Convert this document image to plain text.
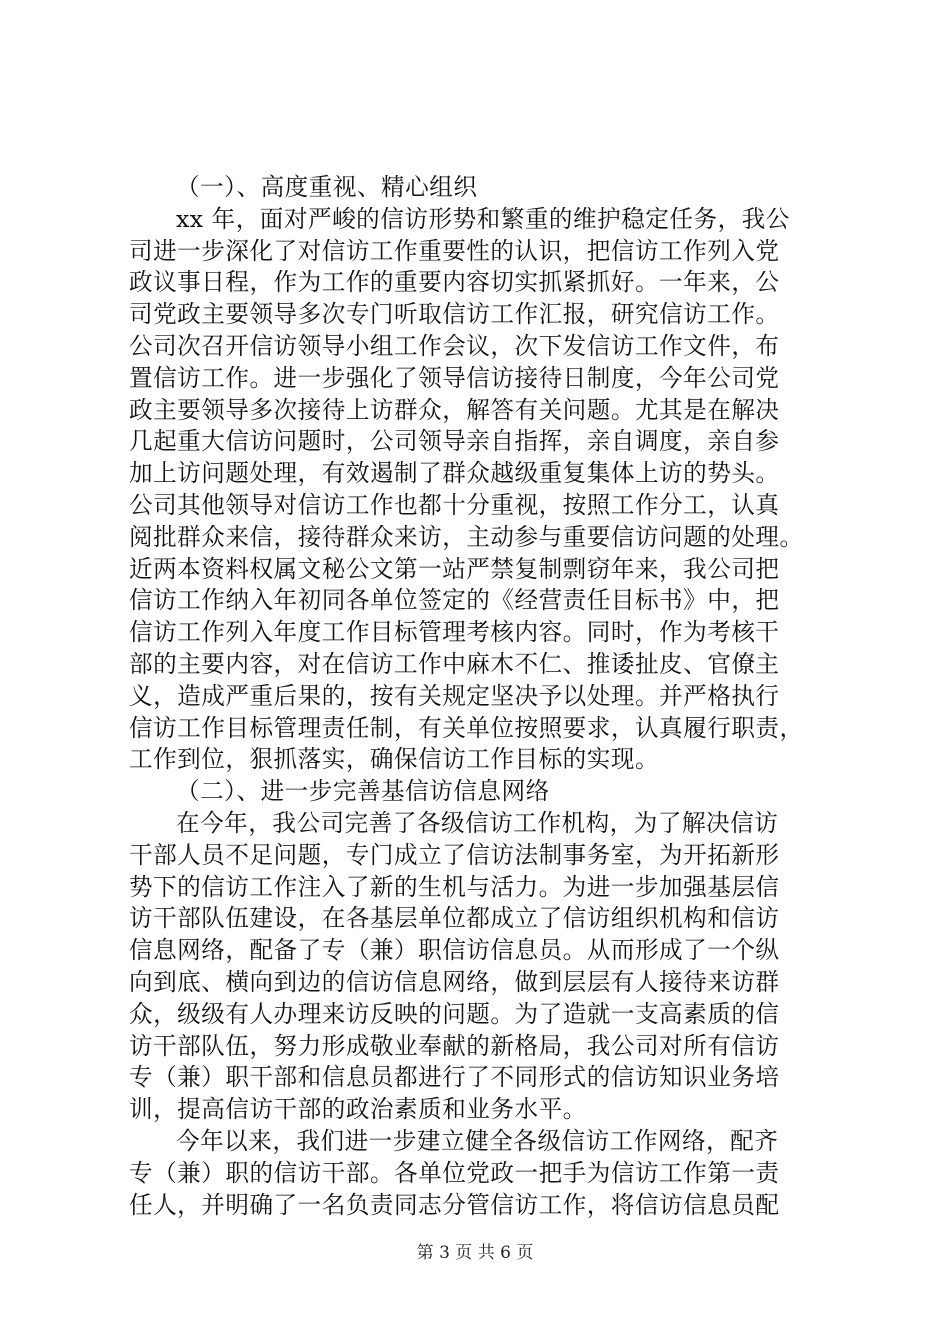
（一）、高度重视、精心组织
xx 年，面对严峻的信访形势和繁重的维护稳定任务，我公
司进一步深化了对信访工作重要性的认识，把信访工作列入党
政议事日程，作为工作的重要内容切实抓紧抓好。一年来，公
司党政主要领导多次专门听取信访工作汇报，研究信访工作。
公司次召开信访领导小组工作会议，次下发信访工作文件，布
置信访工作。进一步强化了领导信访接待日制度，今年公司党
政主要领导多次接待上访群众，解答有关问题。尤其是在解决
几起重大信访问题时，公司领导亲自指挥，亲自调度，亲自参
加上访问题处理，有效遏制了群众越级重复集体上访的势头。
公司其他领导对信访工作也都十分重视，按照工作分工，认真
阅批群众来信，接待群众来访，主动参与重要信访问题的处理。
近两本资料权属文秘公文第一站严禁复制剽窃年来，我公司把
信访工作纳入年初同各单位签定的《经营责任目标书》中，把
信访工作列入年度工作目标管理考核内容。同时，作为考核干
部的主要内容，对在信访工作中麻木不仁、推诿扯皮、官僚主
义，造成严重后果的，按有关规定坚决予以处理。并严格执行
信访工作目标管理责任制，有关单位按照要求，认真履行职责，
工作到位，狠抓落实，确保信访工作目标的实现。
（二）、进一步完善基信访信息网络
在今年，我公司完善了各级信访工作机构，为了解决信访
干部人员不足问题，专门成立了信访法制事务室，为开拓新形
势下的信访工作注入了新的生机与活力。为进一步加强基层信
访干部队伍建设，在各基层单位都成立了信访组织机构和信访
信息网络，配备了专（兼）职信访信息员。从而形成了一个纵
向到底、横向到边的信访信息网络，做到层层有人接待来访群
众，级级有人办理来访反映的问题。为了造就一支高素质的信
访干部队伍，努力形成敬业奉献的新格局，我公司对所有信访
专（兼）职干部和信息员都进行了不同形式的信访知识业务培
训，提高信访干部的政治素质和业务水平。
今年以来，我们进一步建立健全各级信访工作网络，配齐
专（兼）职的信访干部。各单位党政一把手为信访工作第一责
任人，并明确了一名负责同志分管信访工作，将信访信息员配
第 3 页 共 6 页
